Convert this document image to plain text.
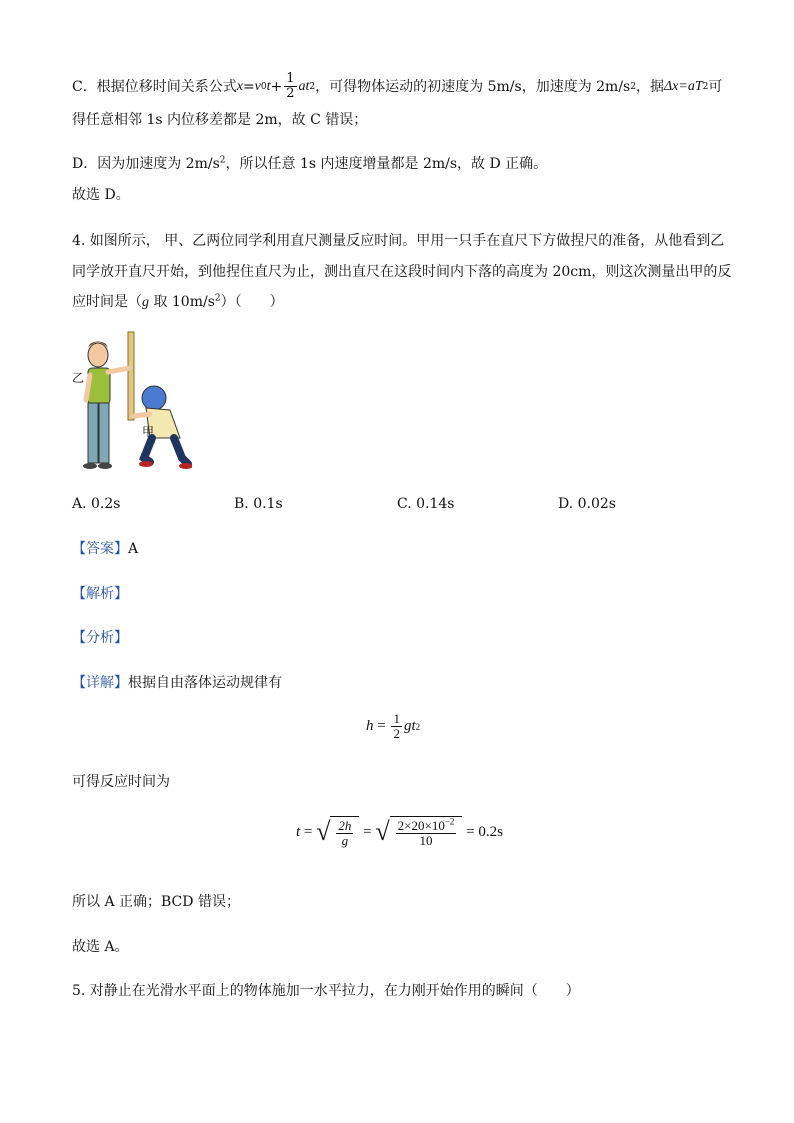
C．根据位移时间关系公式 x = v 0 $t + \frac{1}{2}$ at 2 ，可得物体运动的初速度为 5m/s，加速度为 2m/s 2 ，据 Δx=aT 2 可
得任意相邻 1s 内位移差都是 2m，故 C 错误；
D．因为加速度为 $2m/s^2$，所以任意 1s 内速度增量都是 2m/s，故 D 正确。
故选 D。
4. 如图所示， 甲、乙两位同学利用直尺测量反应时间。甲用一只手在直尺下方做捏尺的准备，从他看到乙
同学放开直尺开始，到他捏住直尺为止，测出直尺在这段时间内下落的高度为 20cm，则这次测量出甲的反
应时间是（g 取 $10m/s^2$）（　　）
乙
甲
A. 0.2s	B. 0.1s	C. 0.14s	D. 0.02s
【答案】A
【解析】
【分析】
【详解】根据自由落体运动规律有
$h = \frac{1}{2}$ gt 2
可得反应时间为
t = √ $\frac{2h}{g}$ = √ $\frac{2\times 20\times 10^{-2}}{10} = 0.2s$
所以 A 正确；BCD 错误；
故选 A。
5. 对静止在光滑水平面上的物体施加一水平拉力，在力刚开始作用的瞬间（　　）
